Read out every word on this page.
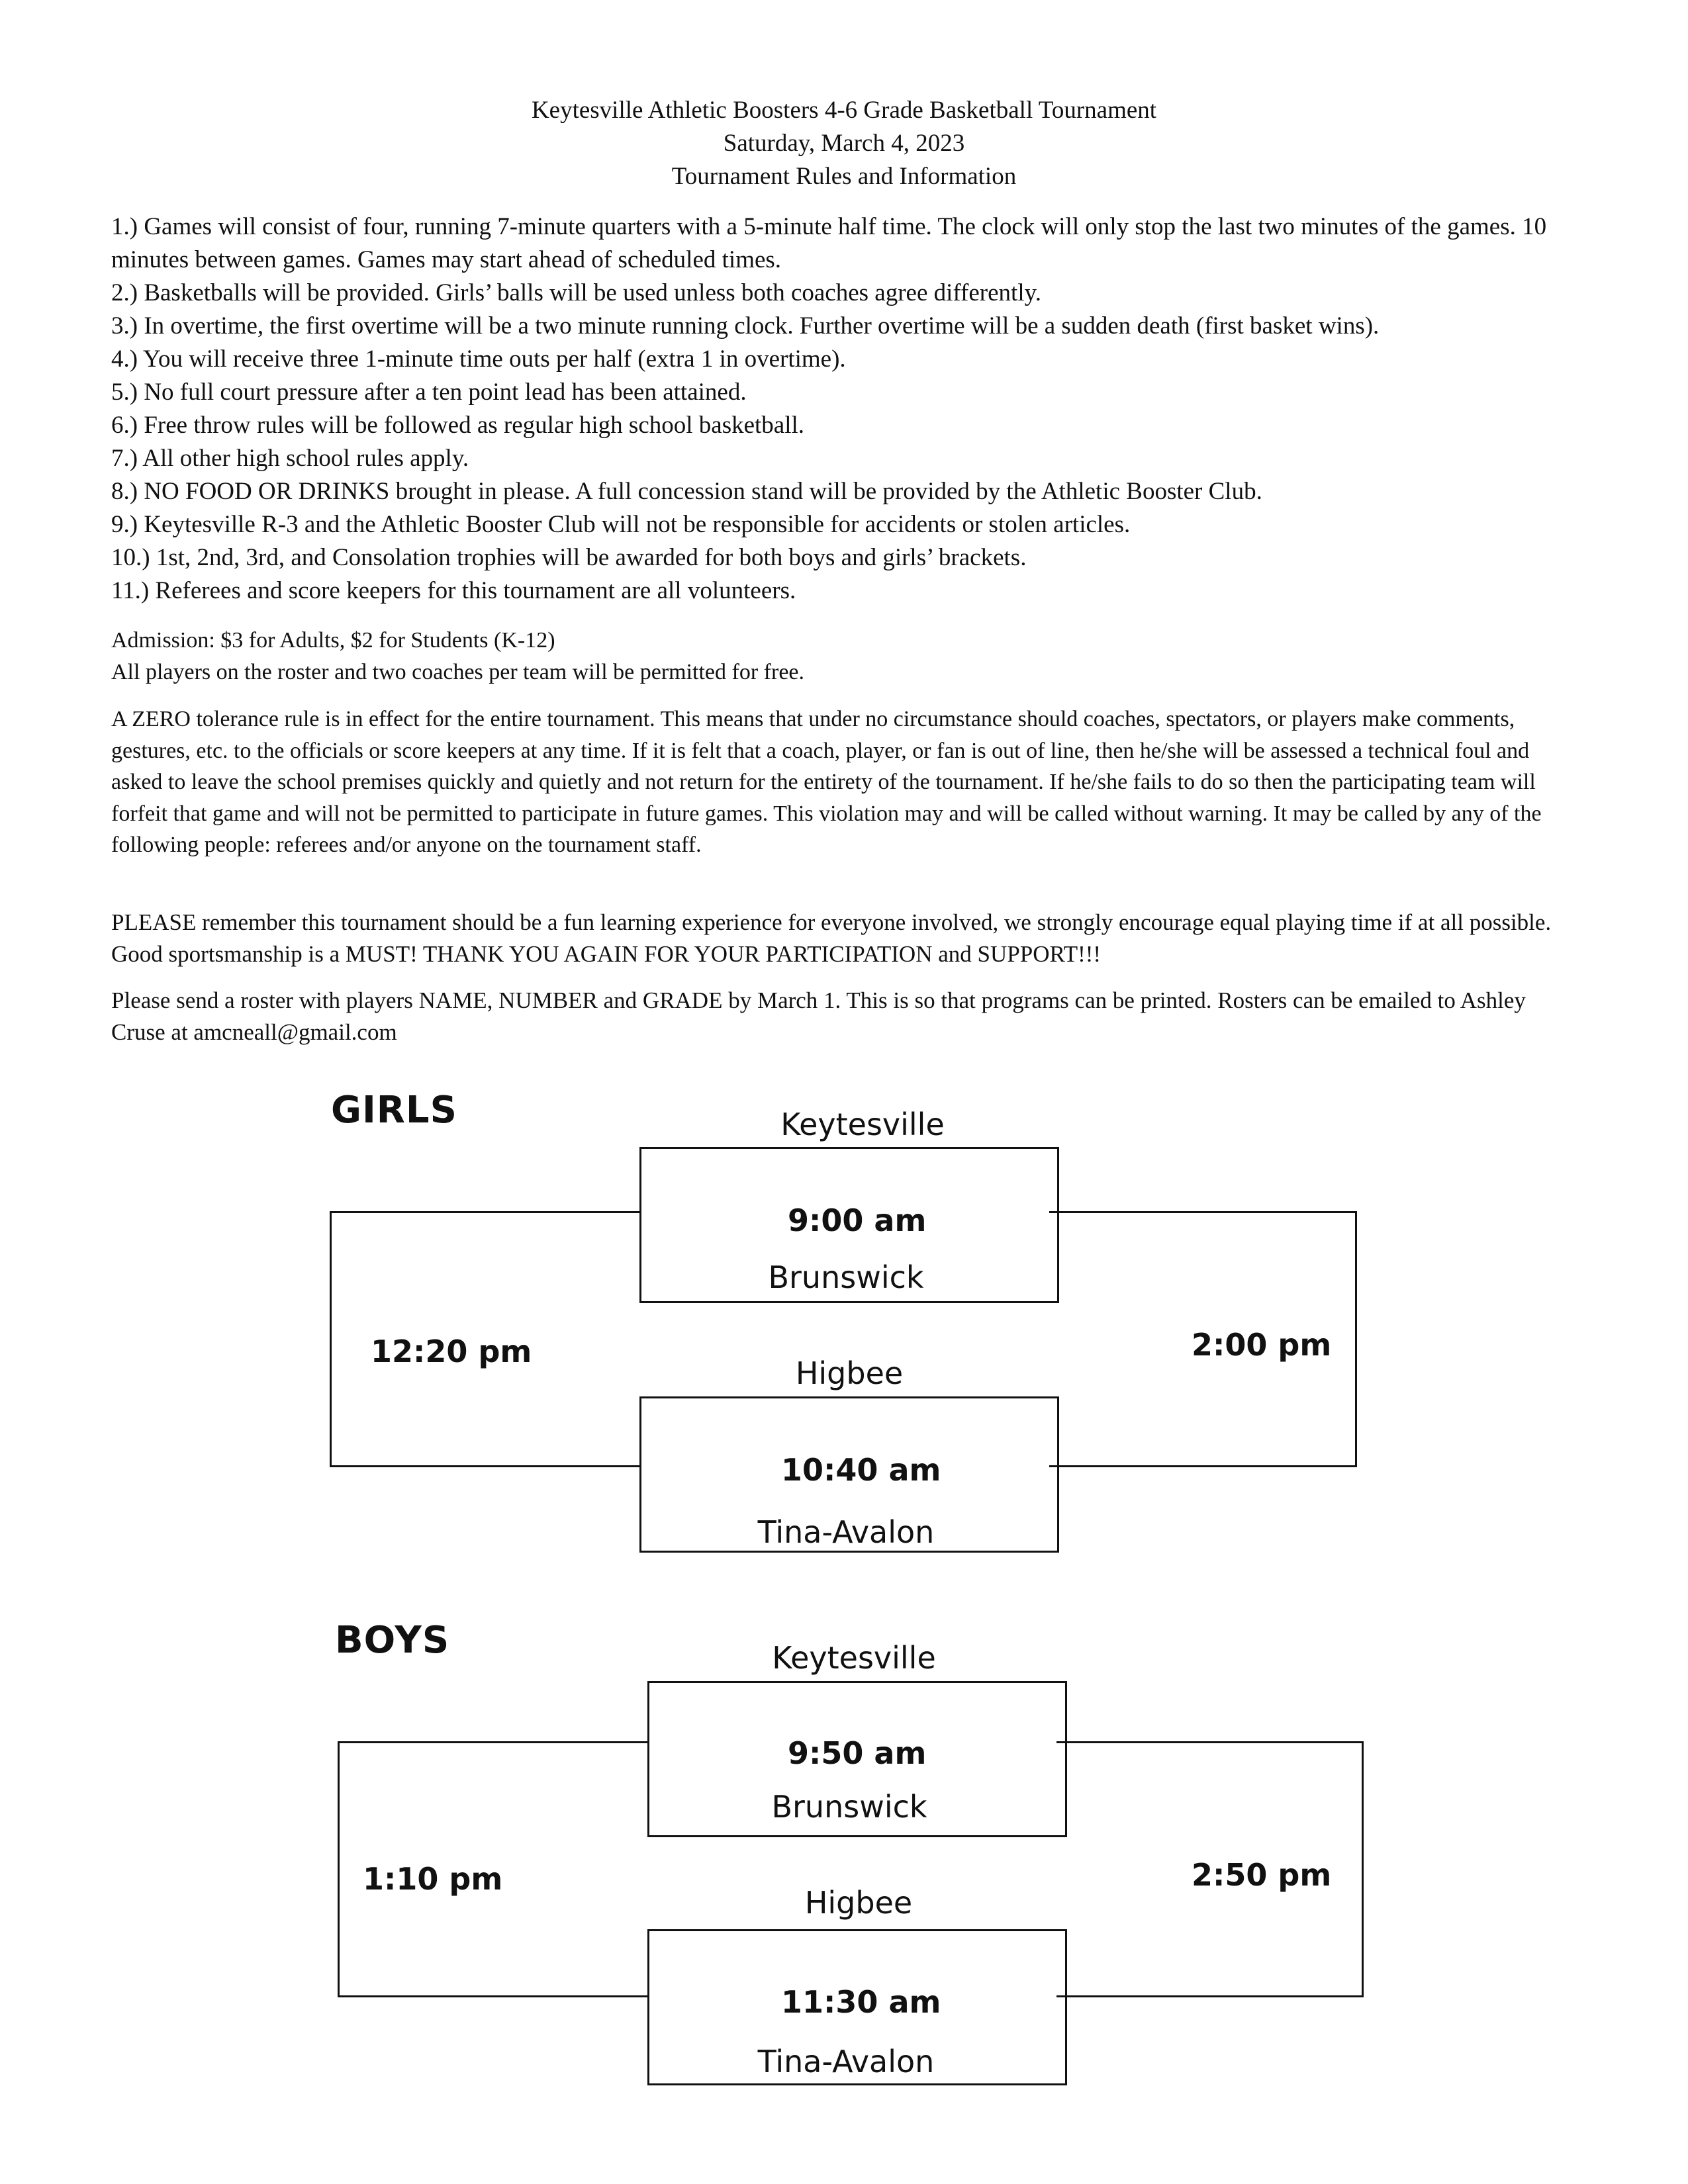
Keytesville Athletic Boosters 4-6 Grade Basketball Tournament
Saturday, March 4, 2023
Tournament Rules and Information
1.) Games will consist of four, running 7-minute quarters with a 5-minute half time. The clock will only stop the last two minutes of the games. 10 minutes between games. Games may start ahead of scheduled times.
2.) Basketballs will be provided. Girls’ balls will be used unless both coaches agree differently.
3.) In overtime, the first overtime will be a two minute running clock. Further overtime will be a sudden death (first basket wins).
4.) You will receive three 1-minute time outs per half (extra 1 in overtime).
5.) No full court pressure after a ten point lead has been attained.
6.) Free throw rules will be followed as regular high school basketball.
7.) All other high school rules apply.
8.) NO FOOD OR DRINKS brought in please. A full concession stand will be provided by the Athletic Booster Club.
9.) Keytesville R-3 and the Athletic Booster Club will not be responsible for accidents or stolen articles.
10.) 1st, 2nd, 3rd, and Consolation trophies will be awarded for both boys and girls’ brackets.
11.) Referees and score keepers for this tournament are all volunteers.
Admission: $3 for Adults, $2 for Students (K-12)
All players on the roster and two coaches per team will be permitted for free.

A ZERO tolerance rule is in effect for the entire tournament. This means that under no circumstance should coaches, spectators, or players make comments, gestures, etc. to the officials or score keepers at any time. If it is felt that a coach, player, or fan is out of line, then he/she will be assessed a technical foul and asked to leave the school premises quickly and quietly and not return for the entirety of the tournament. If he/she fails to do so then the participating team will forfeit that game and will not be permitted to participate in future games. This violation may and will be called without warning. It may be called by any of the following people: referees and/or anyone on the tournament staff.

PLEASE remember this tournament should be a fun learning experience for everyone involved, we strongly encourage equal playing time if at all possible. Good sportsmanship is a MUST! THANK YOU AGAIN FOR YOUR PARTICIPATION and SUPPORT!!!

Please send a roster with players NAME, NUMBER and GRADE by March 1. This is so that programs can be printed. Rosters can be emailed to Ashley Cruse at amcneall@gmail.com

GIRLS	Keytesville
9:00 am
Brunswick
Higbee
10:40 am
Tina-Avalon
12:20 pm	2:00 pm
BOYS	Keytesville
9:50 am
Brunswick
Higbee
11:30 am
Tina-Avalon
1:10 pm	2:50 pm
